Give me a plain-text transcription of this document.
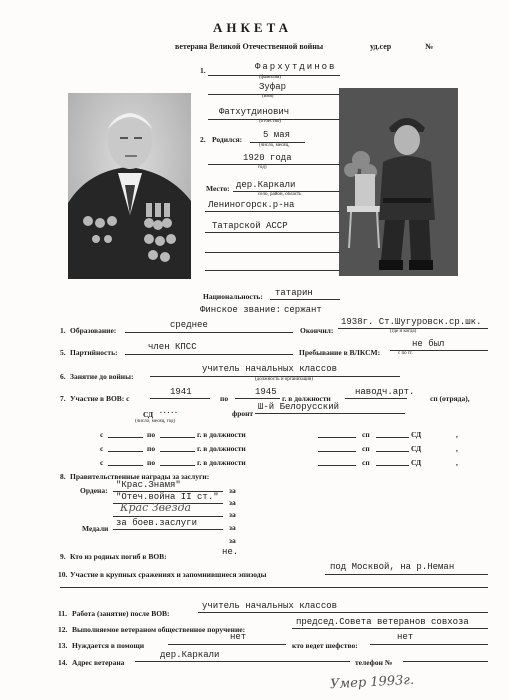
АНКЕТА
ветерана Великой Отечественной войны	уд.сер	№
1.	Фархутдинов
(фамилия)
Зуфар
(имя)
Фатхутдинович
(отчество)
2. Родился: 5 мая
(число, месяц,
1920 года
год)
Место: дер.Каркали
село, район, область
Лениногорск.р-на
Татарской АССР
Национальность: татарин
Финское звание: сержант
1. Образование:
среднее
Окончил:
1938г. Ст.Шугуровск.ср.шк.
(где и когда)
5. Партийность:
член КПСС
Пребывание в ВЛКСМ:
не был
с по гг.
6. Занятие до войны:
учитель начальных классов
(должность и организация)
7. Участие в ВОВ: с
1941
по
1945
г. в должности
наводч.арт.
сп (отряда),
СД . . . . .
(число, месяц, год)
фронт
Ш-й Белорусский
с	по	г. в должности	сп	СД	,
с	по	г. в должности	сп	СД	,
с	по	г. в должности	сп	СД	,
8. Правительственные награды за заслуги:
Ордена:
"Крас.Знамя"
за
"Отеч.война II ст."
за
Крас Звезда
за
Медали
за боев.заслуги	за
за
9. Кто из родных погиб в ВОВ:	не.
10. Участие в крупных сражениях и запомнившиеся эпизоды
под Москвой, на р.Неман
11. Работа (занятие) после ВОВ:
учитель начальных классов
12. Выполняемое ветераном общественное поручение:
председ.Совета ветеранов совхоза
13. Нуждается в помощи
нет
кто ведет шефство:
нет
14. Адрес ветерана
дер.Каркали
телефон №
Умер 1993г.
